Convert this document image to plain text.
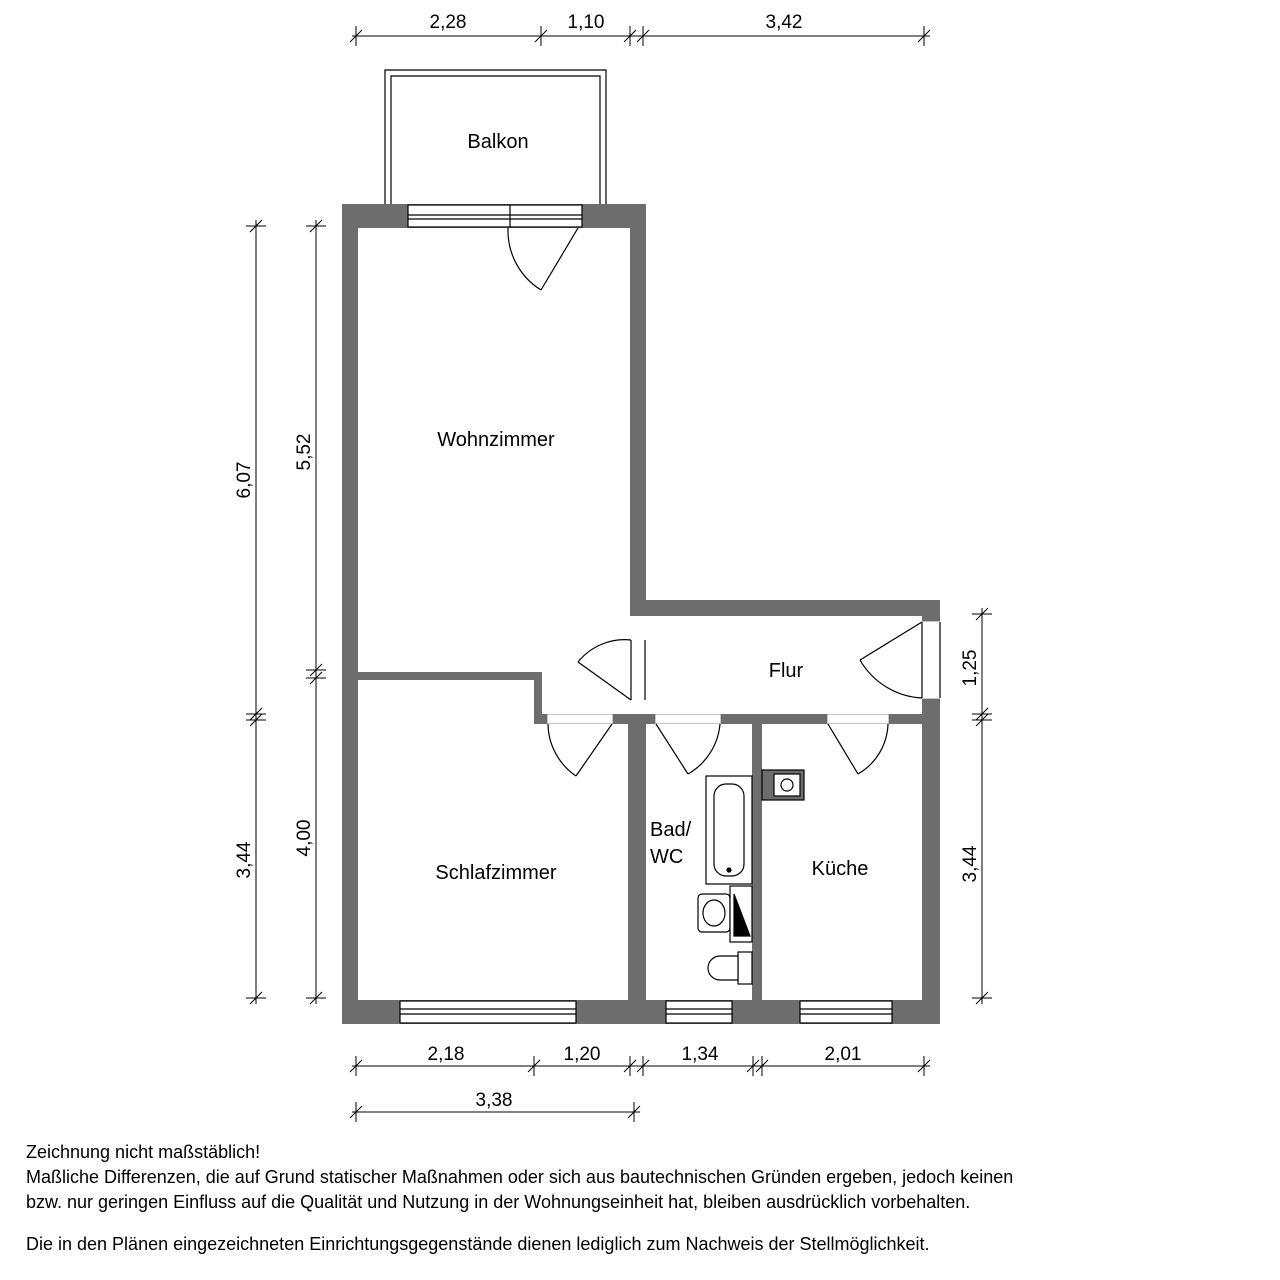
Balkon
Wohnzimmer
Flur
Bad/
WC
Schlafzimmer	Küche
2,28	1,10	3,42
2,18	1,20	1,34	2,01
3,38
6,07
3,44
5,52
4,00
1,25
3,44

Zeichnung nicht maßstäblich!

Maßliche Differenzen, die auf Grund statischer Maßnahmen oder sich aus bautechnischen Gründen ergeben, jedoch keinen

bzw. nur geringen Einfluss auf die Qualität und Nutzung in der Wohnungseinheit hat, bleiben ausdrücklich vorbehalten.

Die in den Plänen eingezeichneten Einrichtungsgegenstände dienen lediglich zum Nachweis der Stellmöglichkeit.
